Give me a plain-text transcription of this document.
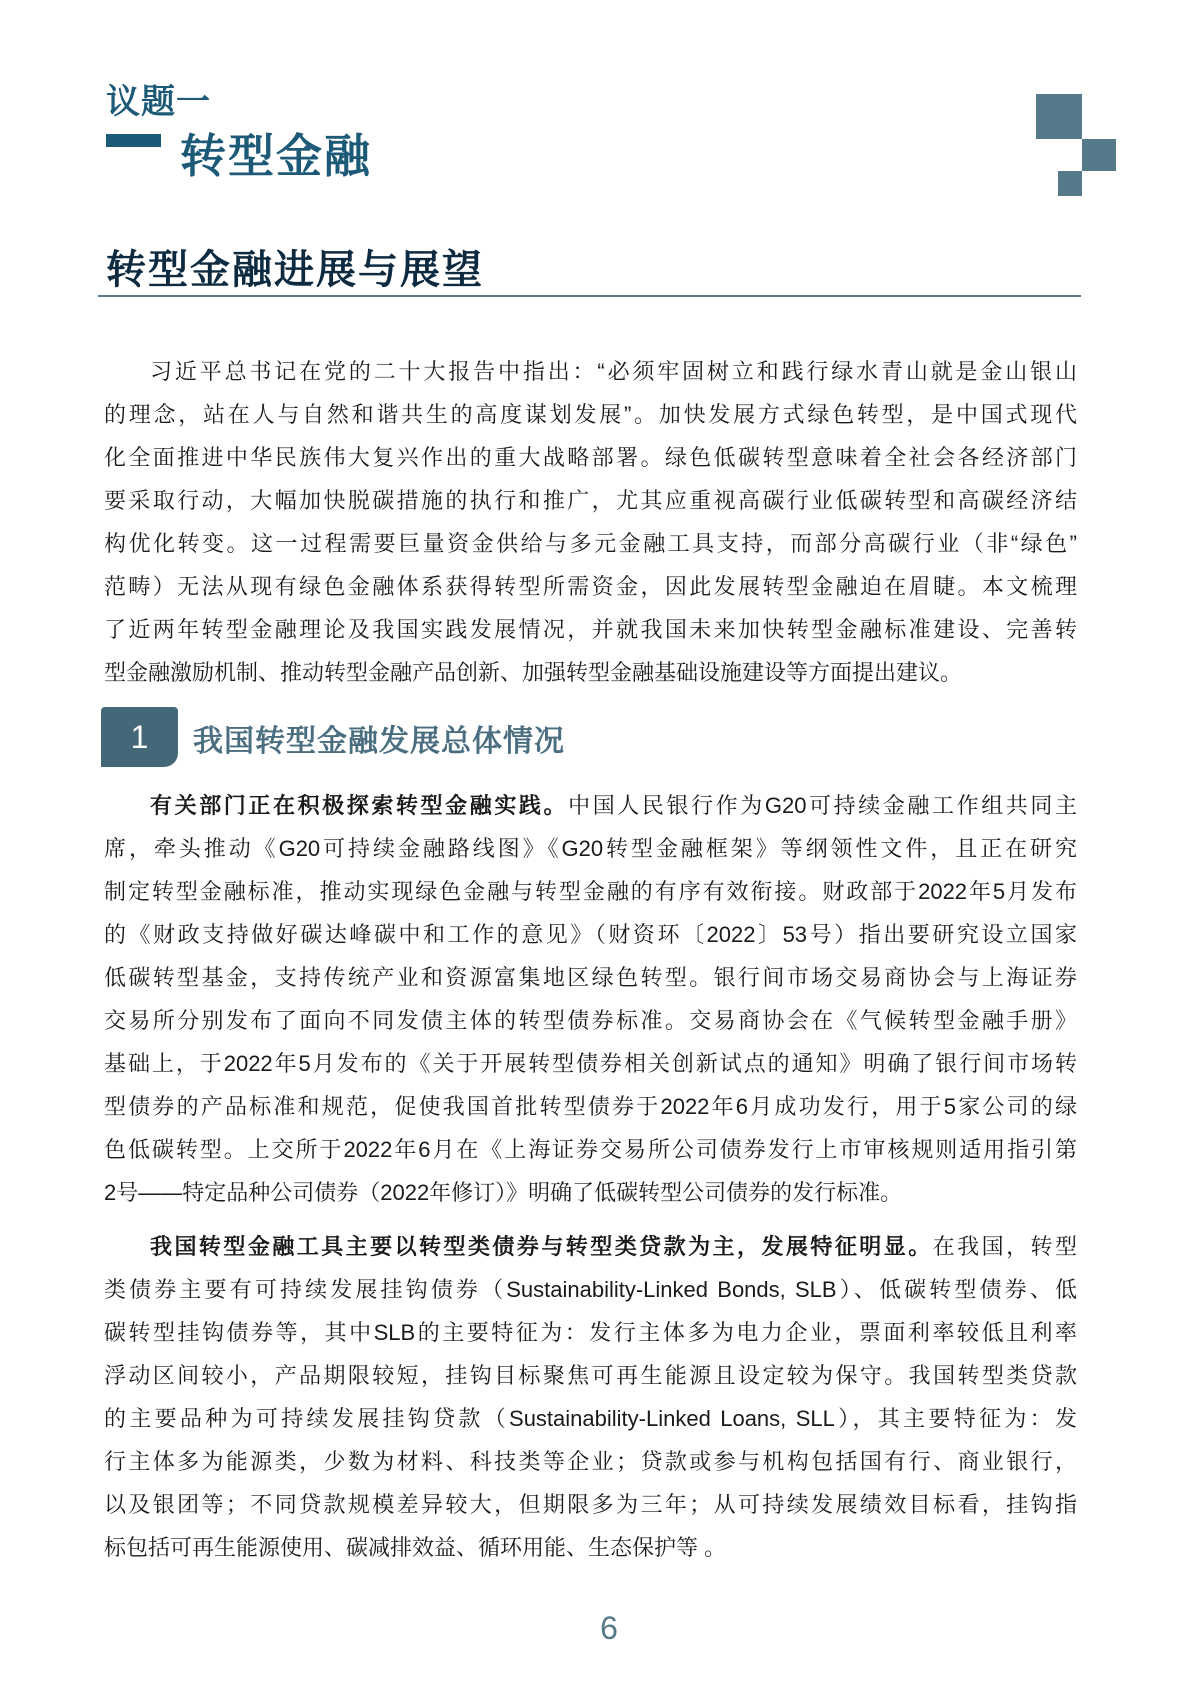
议题一
转型金融
转型金融进展与展望
习近平总书记在党的二十大报告中指出：“必须牢固树立和践行绿水青山就是金山银山
的理念，站在人与自然和谐共生的高度谋划发展”。加快发展方式绿色转型，是中国式现代
化全面推进中华民族伟大复兴作出的重大战略部署。绿色低碳转型意味着全社会各经济部门
要采取行动，大幅加快脱碳措施的执行和推广，尤其应重视高碳行业低碳转型和高碳经济结
构优化转变。这一过程需要巨量资金供给与多元金融工具支持，而部分高碳行业（非“绿色”
范畴）无法从现有绿色金融体系获得转型所需资金，因此发展转型金融迫在眉睫。本文梳理
了近两年转型金融理论及我国实践发展情况，并就我国未来加快转型金融标准建设、完善转
型金融激励机制、推动转型金融产品创新、加强转型金融基础设施建设等方面提出建议。
1	我国转型金融发展总体情况
有关部门正在积极探索转型金融实践。中国人民银行作为G20可持续金融工作组共同主
席，牵头推动《G20可持续金融路线图》《G20转型金融框架》等纲领性文件，且正在研究
制定转型金融标准，推动实现绿色金融与转型金融的有序有效衔接。财政部于2022年5月发布
的《财政支持做好碳达峰碳中和工作的意见》（财资环〔2022〕53号）指出要研究设立国家
低碳转型基金，支持传统产业和资源富集地区绿色转型。银行间市场交易商协会与上海证券
交易所分别发布了面向不同发债主体的转型债券标准。交易商协会在《气候转型金融手册》
基础上，于2022年5月发布的《关于开展转型债券相关创新试点的通知》明确了银行间市场转
型债券的产品标准和规范，促使我国首批转型债券于2022年6月成功发行，用于5家公司的绿
色低碳转型。上交所于2022年6月在《上海证券交易所公司债券发行上市审核规则适用指引第
2号——特定品种公司债券（2022年修订）》明确了低碳转型公司债券的发行标准。
我国转型金融工具主要以转型类债券与转型类贷款为主，发展特征明显。在我国，转型
类债券主要有可持续发展挂钩债券（Sustainability-Linked Bonds, SLB）、低碳转型债券、低
碳转型挂钩债券等，其中SLB的主要特征为：发行主体多为电力企业，票面利率较低且利率
浮动区间较小，产品期限较短，挂钩目标聚焦可再生能源且设定较为保守。我国转型类贷款
的主要品种为可持续发展挂钩贷款（Sustainability-Linked Loans, SLL），其主要特征为：发
行主体多为能源类，少数为材料、科技类等企业；贷款或参与机构包括国有行、商业银行，
以及银团等；不同贷款规模差异较大，但期限多为三年；从可持续发展绩效目标看，挂钩指
标包括可再生能源使用、碳减排效益、循环用能、生态保护等 。
6
